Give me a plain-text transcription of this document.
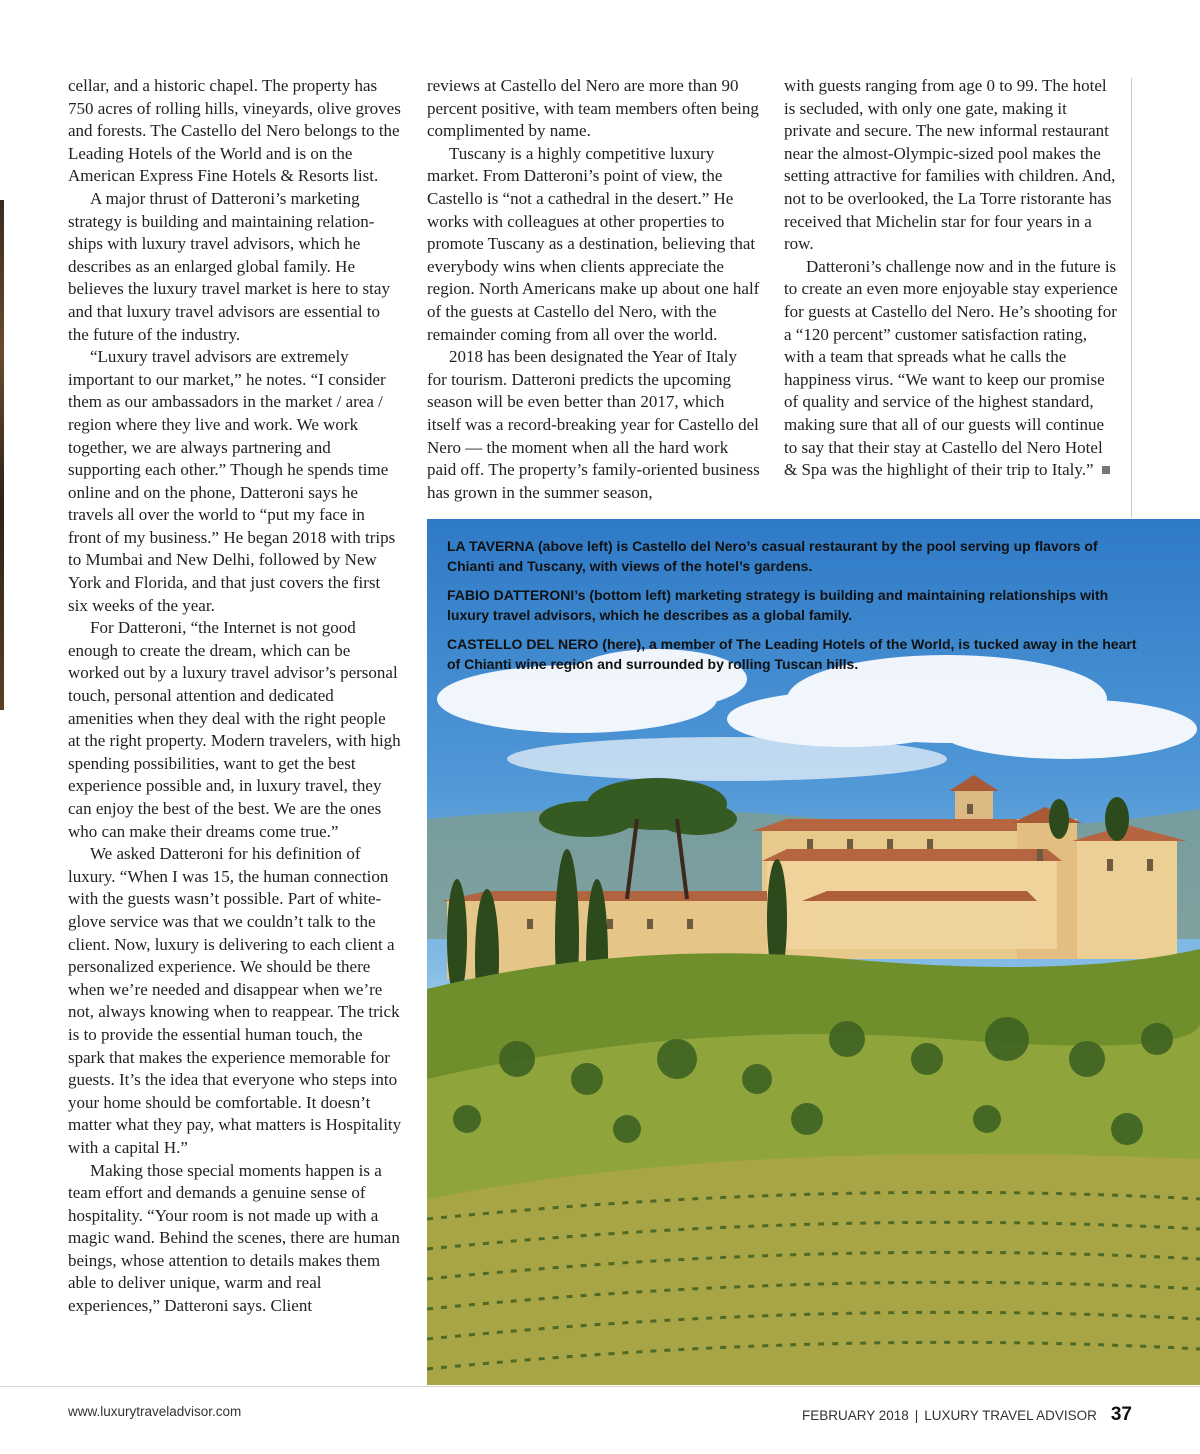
cellar, and a historic chapel. The property has 750 acres of rolling hills, vineyards, olive groves and forests. The Castello del Nero belongs to the Leading Hotels of the World and is on the American Express Fine Hotels & Resorts list.

A major thrust of Datteroni’s marketing strategy is building and maintaining relationships with luxury travel advisors, which he describes as an enlarged global family. He believes the luxury travel market is here to stay and that luxury travel advisors are essential to the future of the industry.

“Luxury travel advisors are extremely important to our market,” he notes. “I consider them as our ambassadors in the market / area / region where they live and work. We work together, we are always partnering and supporting each other.” Though he spends time online and on the phone, Datteroni says he travels all over the world to “put my face in front of my business.” He began 2018 with trips to Mumbai and New Delhi, followed by New York and Florida, and that just covers the first six weeks of the year.

For Datteroni, “the Internet is not good enough to create the dream, which can be worked out by a luxury travel advisor’s personal touch, personal attention and dedicated amenities when they deal with the right people at the right property. Modern travelers, with high spending possibilities, want to get the best experience possible and, in luxury travel, they can enjoy the best of the best. We are the ones who can make their dreams come true.”

We asked Datteroni for his definition of luxury. “When I was 15, the human connection with the guests wasn’t possible. Part of white-glove service was that we couldn’t talk to the client. Now, luxury is delivering to each client a personalized experience. We should be there when we’re needed and disappear when we’re not, always knowing when to reappear. The trick is to provide the essential human touch, the spark that makes the experience memorable for guests. It’s the idea that everyone who steps into your home should be comfortable. It doesn’t matter what they pay, what matters is Hospitality with a capital H.”

Making those special moments happen is a team effort and demands a genuine sense of hospitality. “Your room is not made up with a magic wand. Behind the scenes, there are human beings, whose attention to details makes them able to deliver unique, warm and real experiences,” Datteroni says. Client

reviews at Castello del Nero are more than 90 percent positive, with team members often being complimented by name.

Tuscany is a highly competitive luxury market. From Datteroni’s point of view, the Castello is “not a cathedral in the desert.” He works with colleagues at other properties to promote Tuscany as a destination, believing that everybody wins when clients appreciate the region. North Americans make up about one half of the guests at Castello del Nero, with the remainder coming from all over the world.

2018 has been designated the Year of Italy for tourism. Datteroni predicts the upcoming season will be even better than 2017, which itself was a record-breaking year for Castello del Nero — the moment when all the hard work paid off. The property’s family-oriented business has grown in the summer season,

with guests ranging from age 0 to 99. The hotel is secluded, with only one gate, making it private and secure. The new informal restaurant near the almost-Olympic-sized pool makes the setting attractive for families with children. And, not to be overlooked, the La Torre ristorante has received that Michelin star for four years in a row.

Datteroni’s challenge now and in the future is to create an even more enjoyable stay experience for guests at Castello del Nero. He’s shooting for a “120 percent” customer satisfaction rating, with a team that spreads what he calls the happiness virus. “We want to keep our promise of quality and service of the highest standard, making sure that all of our guests will continue to say that their stay at Castello del Nero Hotel & Spa was the highlight of their trip to Italy.”

LA TAVERNA (above left) is Castello del Nero’s casual restaurant by the pool serving up flavors of Chianti and Tuscany, with views of the hotel’s gardens.

FABIO DATTERONI’s (bottom left) marketing strategy is building and maintaining relationships with luxury travel advisors, which he describes as a global family.

CASTELLO DEL NERO (here), a member of The Leading Hotels of the World, is tucked away in the heart of Chianti wine region and surrounded by rolling Tuscan hills.

www.luxurytraveladvisor.com	FEBRUARY 2018 | LUXURY TRAVEL ADVISOR 37
